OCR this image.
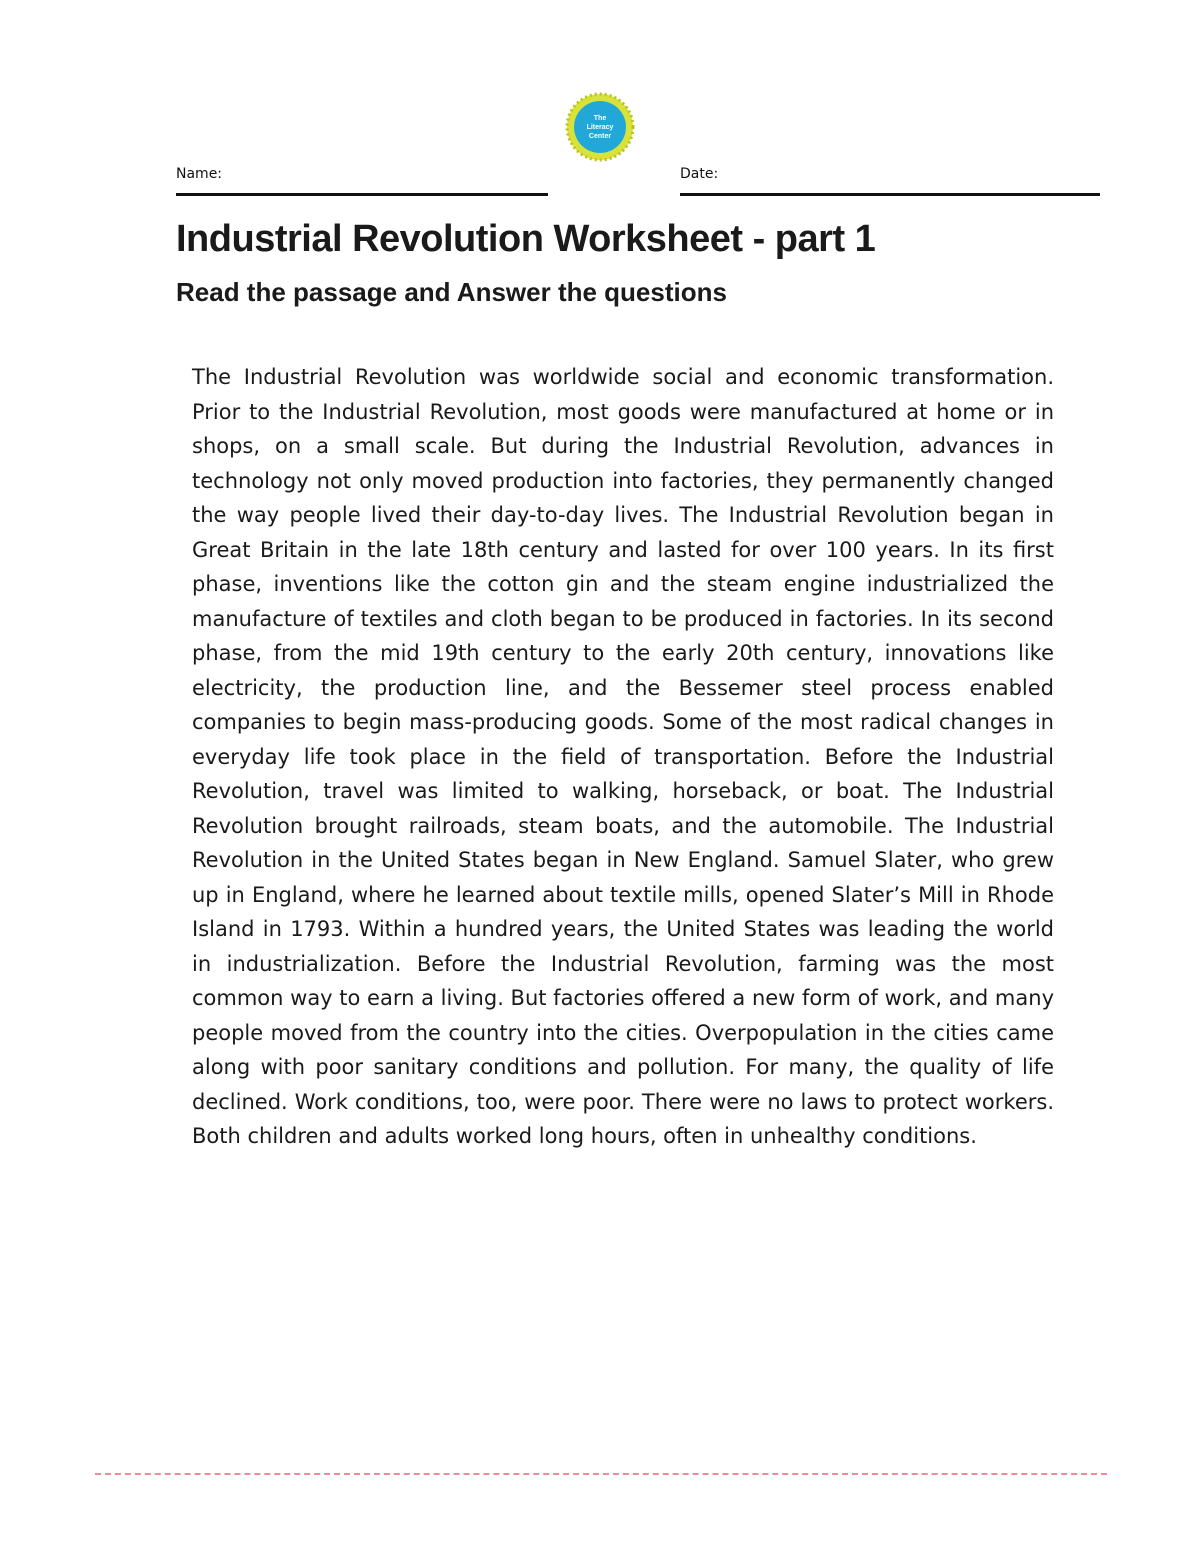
The
Literacy
Center
Name:	Date:
Industrial Revolution Worksheet - part 1
Read the passage and Answer the questions

The Industrial Revolution was worldwide social and economic transformation. Prior to the Industrial Revolution, most goods were manufactured at home or in shops, on a small scale. But during the Industrial Revolution, advances in technology not only moved production into factories, they permanently changed the way people lived their day-to-day lives. The Industrial Revolution began in Great Britain in the late 18th century and lasted for over 100 years. In its first phase, inventions like the cotton gin and the steam engine industrialized the manufacture of textiles and cloth began to be produced in factories. In its second phase, from the mid 19th century to the early 20th century, innovations like electricity, the production line, and the Bessemer steel process enabled companies to begin mass-producing goods. Some of the most radical changes in everyday life took place in the field of transportation. Before the Industrial Revolution, travel was limited to walking, horseback, or boat. The Industrial Revolution brought railroads, steam boats, and the automobile. The Industrial Revolution in the United States began in New England. Samuel Slater, who grew up in England, where he learned about textile mills, opened Slater’s Mill in Rhode Island in 1793. Within a hundred years, the United States was leading the world in industrialization. Before the Industrial Revolution, farming was the most common way to earn a living. But factories offered a new form of work, and many people moved from the country into the cities. Overpopulation in the cities came along with poor sanitary conditions and pollution. For many, the quality of life declined. Work conditions, too, were poor. There were no laws to protect workers. Both children and adults worked long hours, often in unhealthy conditions.
